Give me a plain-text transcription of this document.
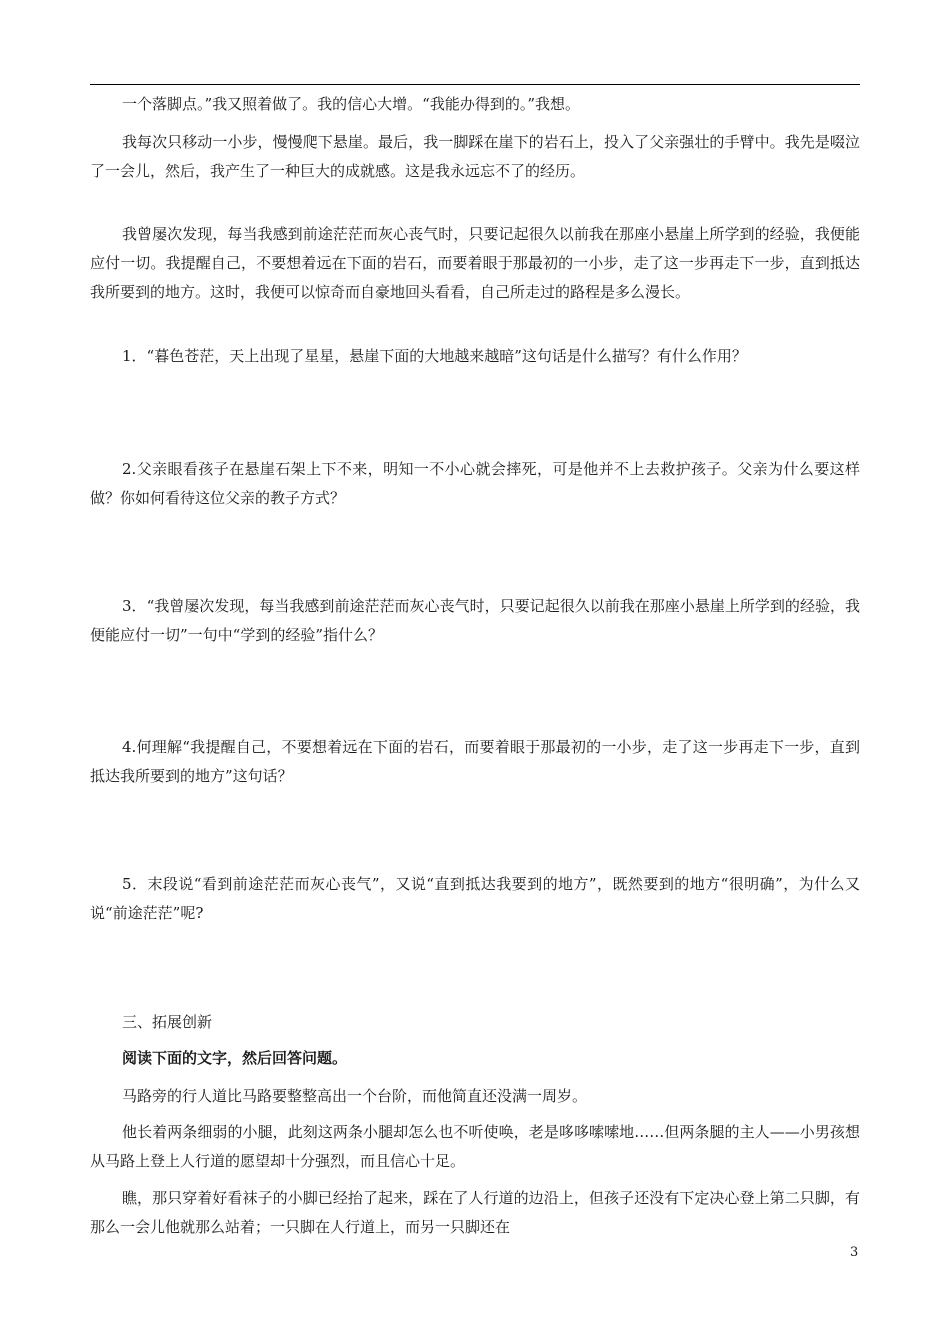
一个落脚点。”我又照着做了。我的信心大增。“我能办得到的。”我想。

我每次只移动一小步，慢慢爬下悬崖。最后，我一脚踩在崖下的岩石上，投入了父亲强壮的手臂中。我先是啜泣了一会儿，然后，我产生了一种巨大的成就感。这是我永远忘不了的经历。

我曾屡次发现，每当我感到前途茫茫而灰心丧气时，只要记起很久以前我在那座小悬崖上所学到的经验，我便能应付一切。我提醒自己，不要想着远在下面的岩石，而要着眼于那最初的一小步，走了这一步再走下一步，直到抵达我所要到的地方。这时，我便可以惊奇而自豪地回头看看，自己所走过的路程是多么漫长。

1．“暮色苍茫，天上出现了星星，悬崖下面的大地越来越暗”这句话是什么描写？有什么作用？

2.父亲眼看孩子在悬崖石架上下不来，明知一不小心就会摔死，可是他并不上去救护孩子。父亲为什么要这样做？你如何看待这位父亲的教子方式？

3．“我曾屡次发现，每当我感到前途茫茫而灰心丧气时，只要记起很久以前我在那座小悬崖上所学到的经验，我便能应付一切”一句中“学到的经验”指什么？

4.何理解“我提醒自己，不要想着远在下面的岩石，而要着眼于那最初的一小步，走了这一步再走下一步，直到抵达我所要到的地方”这句话？

5．末段说“看到前途茫茫而灰心丧气”，又说“直到抵达我要到的地方”，既然要到的地方“很明确”，为什么又说“前途茫茫”呢?

三、拓展创新

阅读下面的文字，然后回答问题。

马路旁的行人道比马路要整整高出一个台阶，而他简直还没满一周岁。

他长着两条细弱的小腿，此刻这两条小腿却怎么也不听使唤，老是哆哆嗦嗦地……但两条腿的主人——小男孩想从马路上登上人行道的愿望却十分强烈，而且信心十足。

瞧，那只穿着好看袜子的小脚已经抬了起来，踩在了人行道的边沿上，但孩子还没有下定决心登上第二只脚，有那么一会儿他就那么站着；一只脚在人行道上，而另一只脚还在

3
